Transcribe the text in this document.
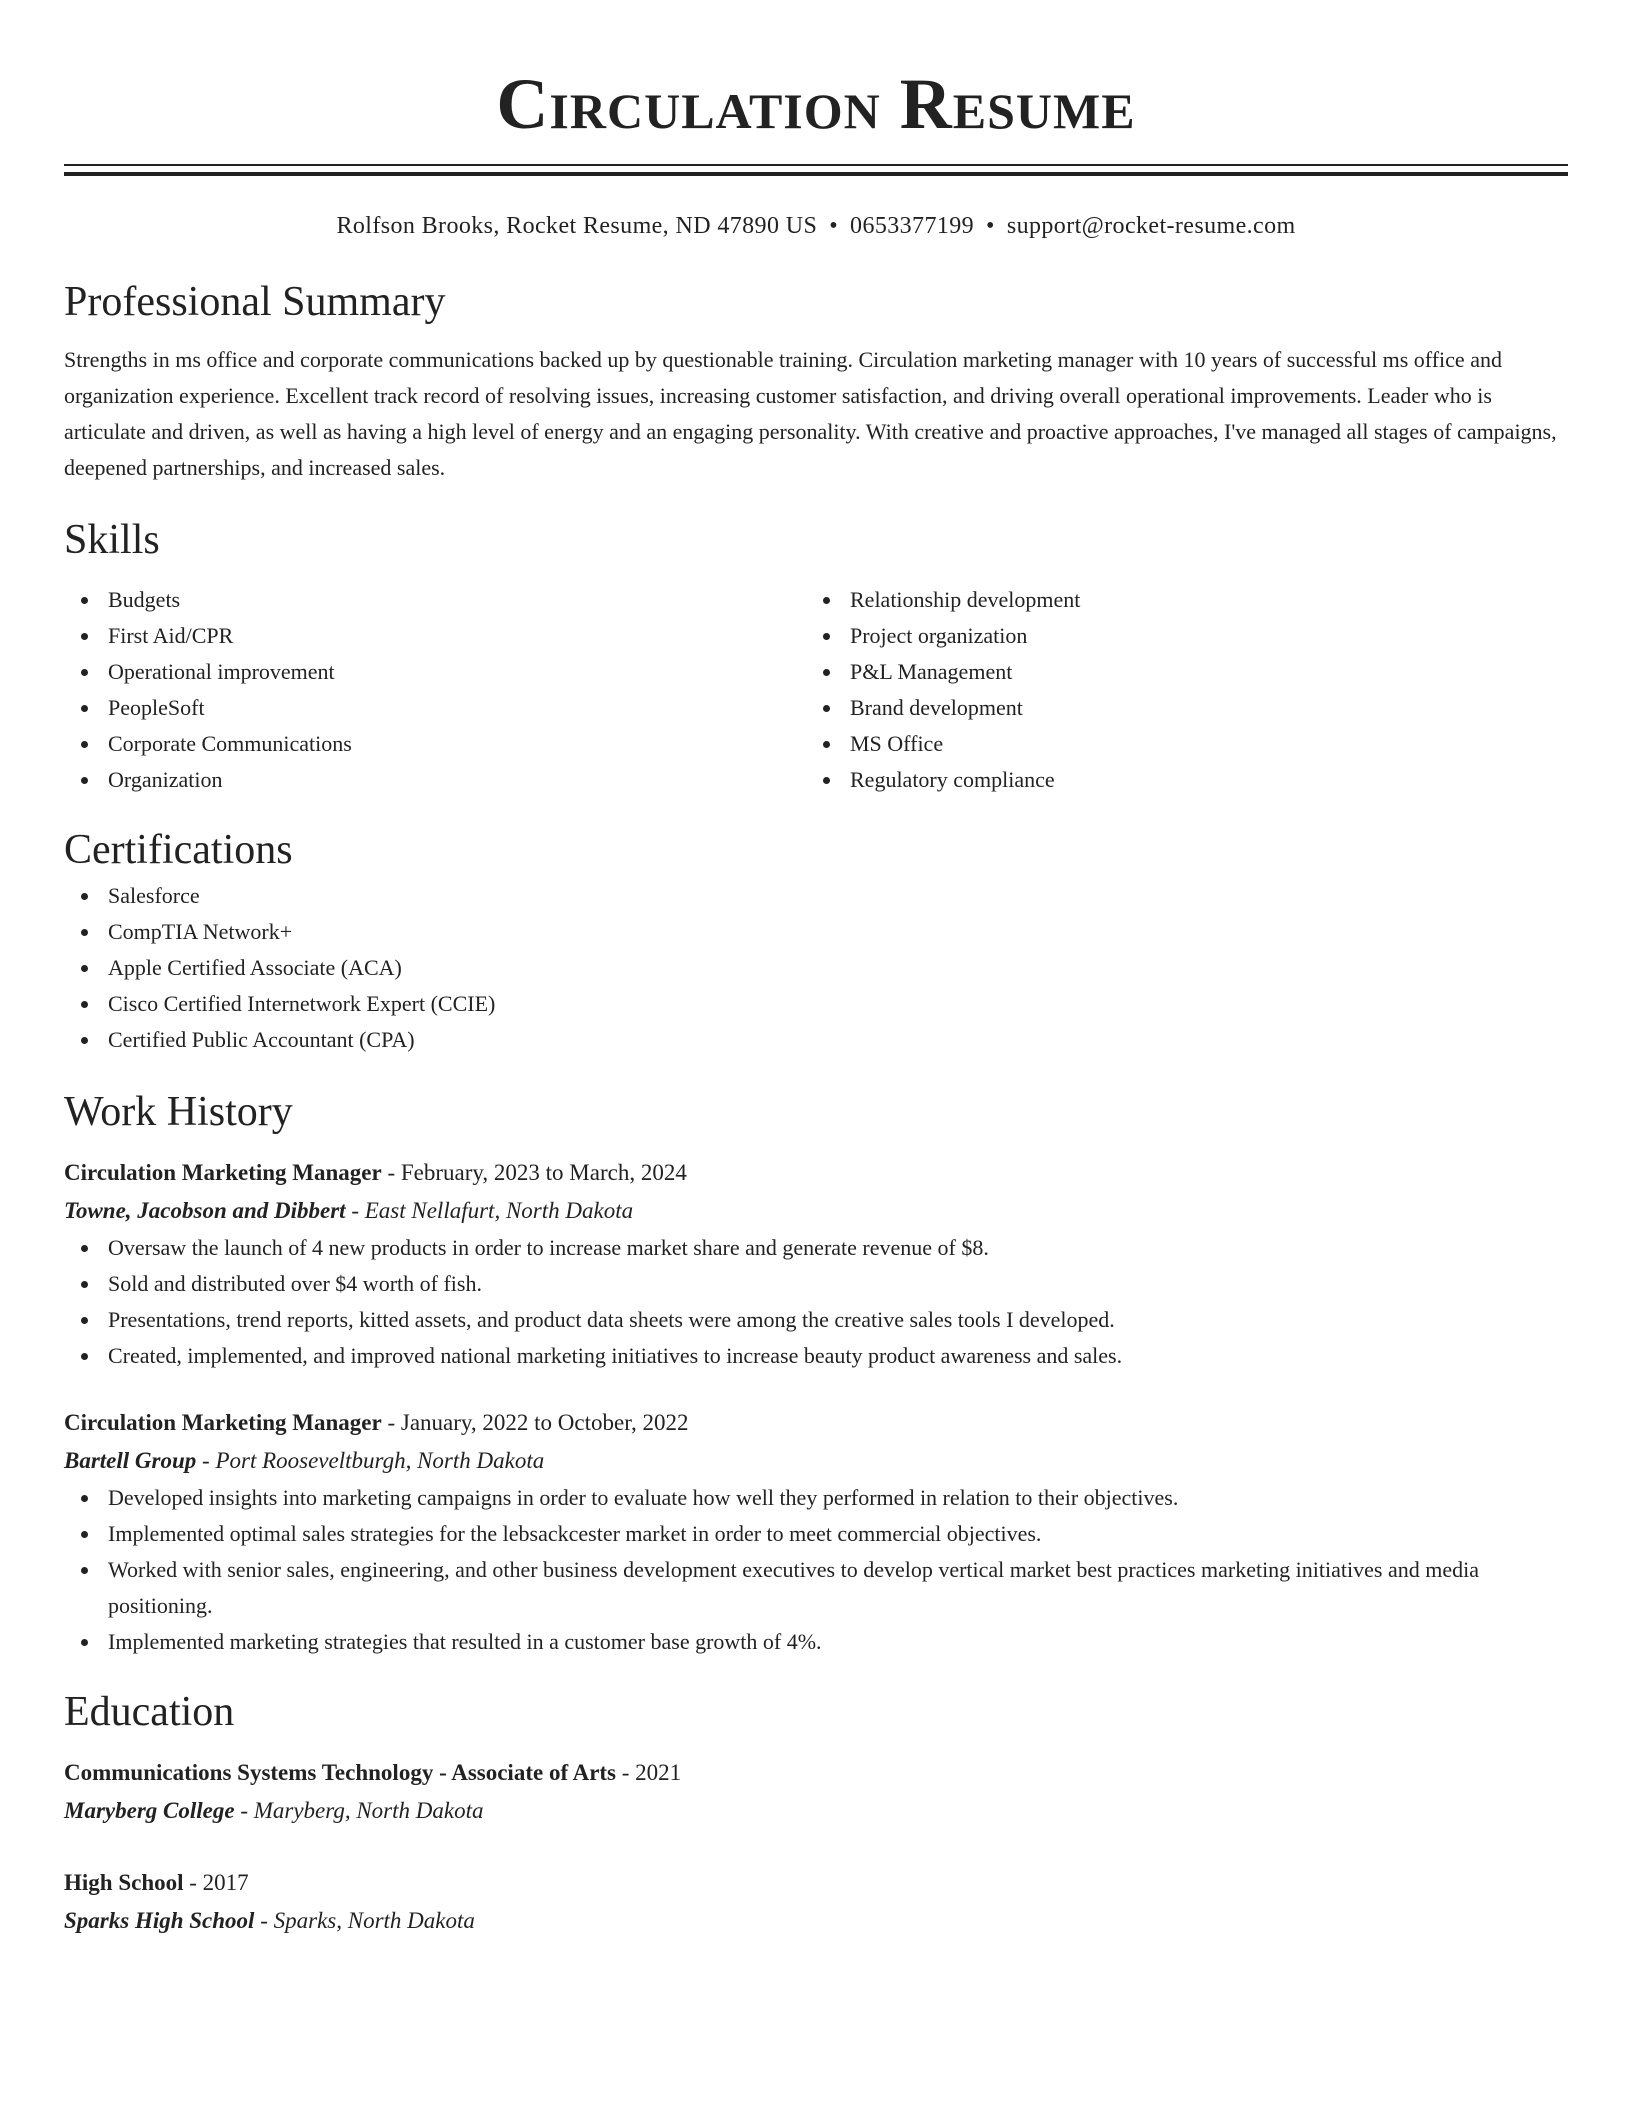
Circulation Resume
Rolfson Brooks, Rocket Resume, ND 47890 US • 0653377199 • support@rocket-resume.com
Professional Summary

Strengths in ms office and corporate communications backed up by questionable training. Circulation marketing manager with 10 years of successful ms office and organization experience. Excellent track record of resolving issues, increasing customer satisfaction, and driving overall operational improvements. Leader who is articulate and driven, as well as having a high level of energy and an engaging personality. With creative and proactive approaches, I've managed all stages of campaigns, deepened partnerships, and increased sales.

Skills
Budgets
First Aid/CPR
Operational improvement
PeopleSoft
Corporate Communications
Organization
Relationship development
Project organization
P&L Management
Brand development
MS Office
Regulatory compliance
Certifications
Salesforce
CompTIA Network+
Apple Certified Associate (ACA)
Cisco Certified Internetwork Expert (CCIE)
Certified Public Accountant (CPA)
Work History
Circulation Marketing Manager - February, 2023 to March, 2024
Towne, Jacobson and Dibbert - East Nellafurt, North Dakota
Oversaw the launch of 4 new products in order to increase market share and generate revenue of $8.
Sold and distributed over $4 worth of fish.
Presentations, trend reports, kitted assets, and product data sheets were among the creative sales tools I developed.
Created, implemented, and improved national marketing initiatives to increase beauty product awareness and sales.
Circulation Marketing Manager - January, 2022 to October, 2022
Bartell Group - Port Rooseveltburgh, North Dakota
Developed insights into marketing campaigns in order to evaluate how well they performed in relation to their objectives.
Implemented optimal sales strategies for the lebsackcester market in order to meet commercial objectives.
Worked with senior sales, engineering, and other business development executives to develop vertical market best practices marketing initiatives and media positioning.
Implemented marketing strategies that resulted in a customer base growth of 4%.
Education
Communications Systems Technology - Associate of Arts - 2021
Maryberg College - Maryberg, North Dakota
High School - 2017
Sparks High School - Sparks, North Dakota
